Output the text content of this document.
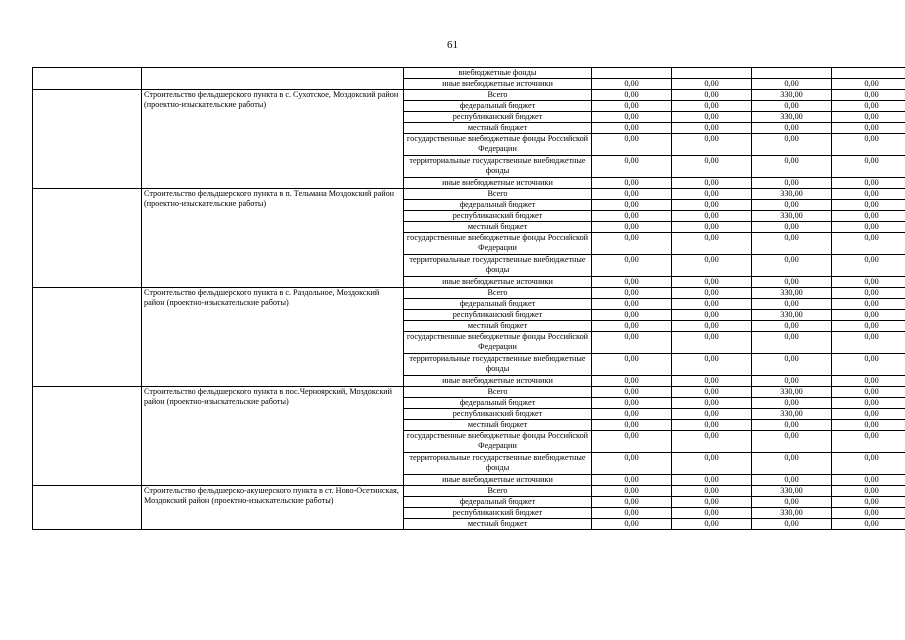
61
		внебюджетные фонды				
		иные внебюджетные источники	0,00	0,00	0,00	0,00
	Строительство фельдшерского пункта в с. Сухотское, Моздокский район (проектно-изыскательские работы)	Всего	0,00	0,00	330,00	0,00
		федеральный бюджет	0,00	0,00	0,00	0,00
		республиканский бюджет	0,00	0,00	330,00	0,00
		местный бюджет	0,00	0,00	0,00	0,00
		государственные внебюджетные фонды Российской Федерации	0,00	0,00	0,00	0,00
		территориальные государственные внебюджетные фонды	0,00	0,00	0,00	0,00
		иные внебюджетные источники	0,00	0,00	0,00	0,00
	Строительство фельдшерского пункта в п. Тельмана Моздокский район (проектно-изыскательские работы)	Всего	0,00	0,00	330,00	0,00
		федеральный бюджет	0,00	0,00	0,00	0,00
		республиканский бюджет	0,00	0,00	330,00	0,00
		местный бюджет	0,00	0,00	0,00	0,00
		государственные внебюджетные фонды Российской Федерации	0,00	0,00	0,00	0,00
		территориальные государственные внебюджетные фонды	0,00	0,00	0,00	0,00
		иные внебюджетные источники	0,00	0,00	0,00	0,00
	Строительство фельдшерского пункта в с. Раздольное, Моздокский район (проектно-изыскательские работы)	Всего	0,00	0,00	330,00	0,00
		федеральный бюджет	0,00	0,00	0,00	0,00
		республиканский бюджет	0,00	0,00	330,00	0,00
		местный бюджет	0,00	0,00	0,00	0,00
		государственные внебюджетные фонды Российской Федерации	0,00	0,00	0,00	0,00
		территориальные государственные внебюджетные фонды	0,00	0,00	0,00	0,00
		иные внебюджетные источники	0,00	0,00	0,00	0,00
	Строительство фельдшерского пункта в пос.Черноярский, Моздокский район (проектно-изыскательские работы)	Всего	0,00	0,00	330,00	0,00
		федеральный бюджет	0,00	0,00	0,00	0,00
		республиканский бюджет	0,00	0,00	330,00	0,00
		местный бюджет	0,00	0,00	0,00	0,00
		государственные внебюджетные фонды Российской Федерации	0,00	0,00	0,00	0,00
		территориальные государственные внебюджетные фонды	0,00	0,00	0,00	0,00
		иные внебюджетные источники	0,00	0,00	0,00	0,00
	Строительство фельдшерско-акушерского пункта в ст. Ново-Осетинская, Моздокский район (проектно-изыскательские работы)	Всего	0,00	0,00	330,00	0,00
		федеральный бюджет	0,00	0,00	0,00	0,00
		республиканский бюджет	0,00	0,00	330,00	0,00
		местный бюджет	0,00	0,00	0,00	0,00
